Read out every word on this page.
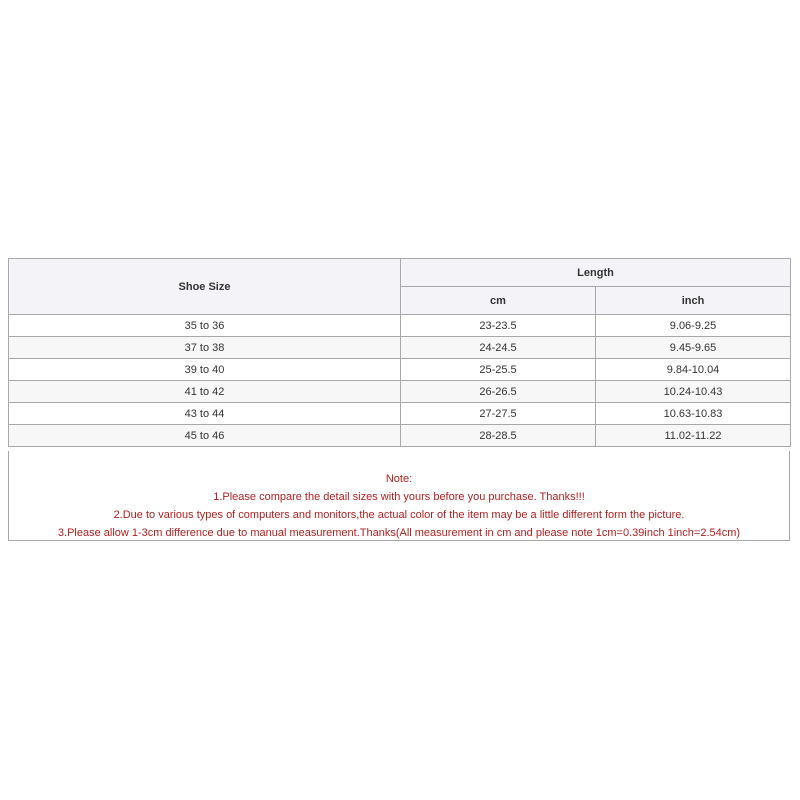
Shoe Size	Length	
	cm	inch
35 to 36	23-23.5	9.06-9.25
37 to 38	24-24.5	9.45-9.65
39 to 40	25-25.5	9.84-10.04
41 to 42	26-26.5	10.24-10.43
43 to 44	27-27.5	10.63-10.83
45 to 46	28-28.5	11.02-11.22
Note:
1.Please compare the detail sizes with yours before you purchase. Thanks!!!
2.Due to various types of computers and monitors,the actual color of the item may be a little different form the picture.
3.Please allow 1-3cm difference due to manual measurement.Thanks(All measurement in cm and please note 1cm=0.39inch 1inch=2.54cm)
